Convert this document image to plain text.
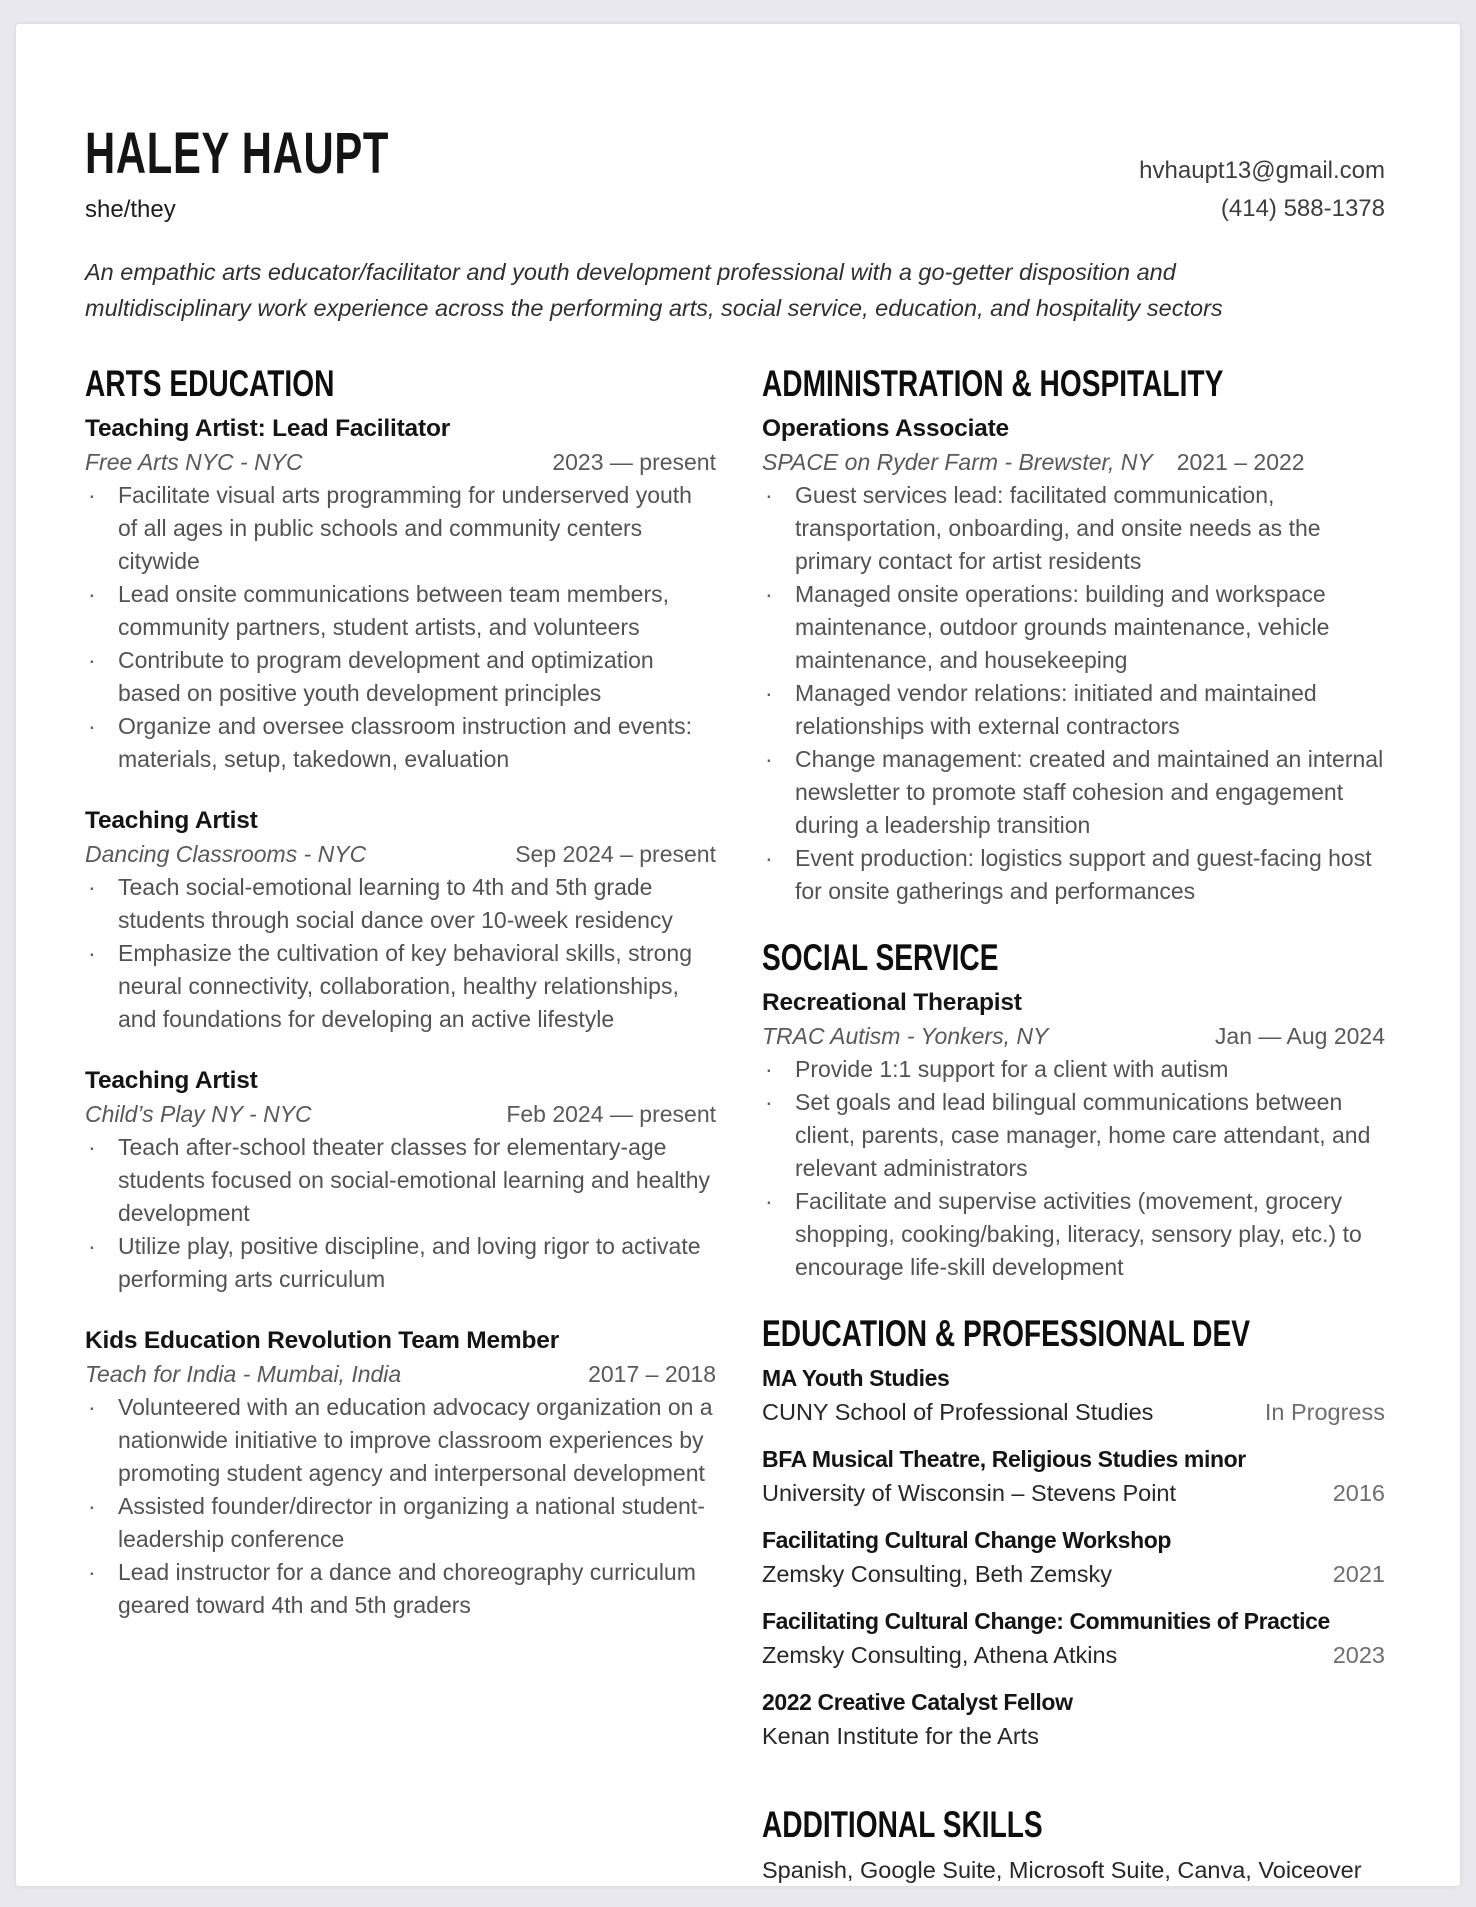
HALEY HAUPT
she/they
hvhaupt13@gmail.com
(414) 588-1378

An empathic arts educator/facilitator and youth development professional with a go-getter disposition and multidisciplinary work experience across the performing arts, social service, education, and hospitality sectors

ARTS EDUCATION
Teaching Artist: Lead Facilitator
Free Arts NYC - NYC	2023 — present
· Facilitate visual arts programming for underserved youth of all ages in public schools and community centers citywide
· Lead onsite communications between team members, community partners, student artists, and volunteers
· Contribute to program development and optimization based on positive youth development principles
· Organize and oversee classroom instruction and events: materials, setup, takedown, evaluation
Teaching Artist
Dancing Classrooms - NYC	Sep 2024 – present
· Teach social-emotional learning to 4th and 5th grade students through social dance over 10-week residency
· Emphasize the cultivation of key behavioral skills, strong neural connectivity, collaboration, healthy relationships, and foundations for developing an active lifestyle
Teaching Artist
Child’s Play NY - NYC	Feb 2024 — present
· Teach after-school theater classes for elementary-age students focused on social-emotional learning and healthy development
· Utilize play, positive discipline, and loving rigor to activate performing arts curriculum
Kids Education Revolution Team Member
Teach for India - Mumbai, India	2017 – 2018
· Volunteered with an education advocacy organization on a nationwide initiative to improve classroom experiences by promoting student agency and interpersonal development
· Assisted founder/director in organizing a national student-leadership conference
· Lead instructor for a dance and choreography curriculum geared toward 4th and 5th graders
ADMINISTRATION & HOSPITALITY
Operations Associate
SPACE on Ryder Farm - Brewster, NY 2021 – 2022
· Guest services lead: facilitated communication, transportation, onboarding, and onsite needs as the primary contact for artist residents
· Managed onsite operations: building and workspace maintenance, outdoor grounds maintenance, vehicle maintenance, and housekeeping
· Managed vendor relations: initiated and maintained relationships with external contractors
· Change management: created and maintained an internal newsletter to promote staff cohesion and engagement during a leadership transition
· Event production: logistics support and guest-facing host for onsite gatherings and performances
SOCIAL SERVICE
Recreational Therapist
TRAC Autism - Yonkers, NY	Jan — Aug 2024
· Provide 1:1 support for a client with autism
· Set goals and lead bilingual communications between client, parents, case manager, home care attendant, and relevant administrators
· Facilitate and supervise activities (movement, grocery shopping, cooking/baking, literacy, sensory play, etc.) to encourage life-skill development
EDUCATION & PROFESSIONAL DEV
MA Youth Studies
CUNY School of Professional Studies	In Progress
BFA Musical Theatre, Religious Studies minor
University of Wisconsin – Stevens Point	2016
Facilitating Cultural Change Workshop
Zemsky Consulting, Beth Zemsky	2021
Facilitating Cultural Change: Communities of Practice
Zemsky Consulting, Athena Atkins	2023
2022 Creative Catalyst Fellow
Kenan Institute for the Arts
ADDITIONAL SKILLS
Spanish, Google Suite, Microsoft Suite, Canva, Voiceover
